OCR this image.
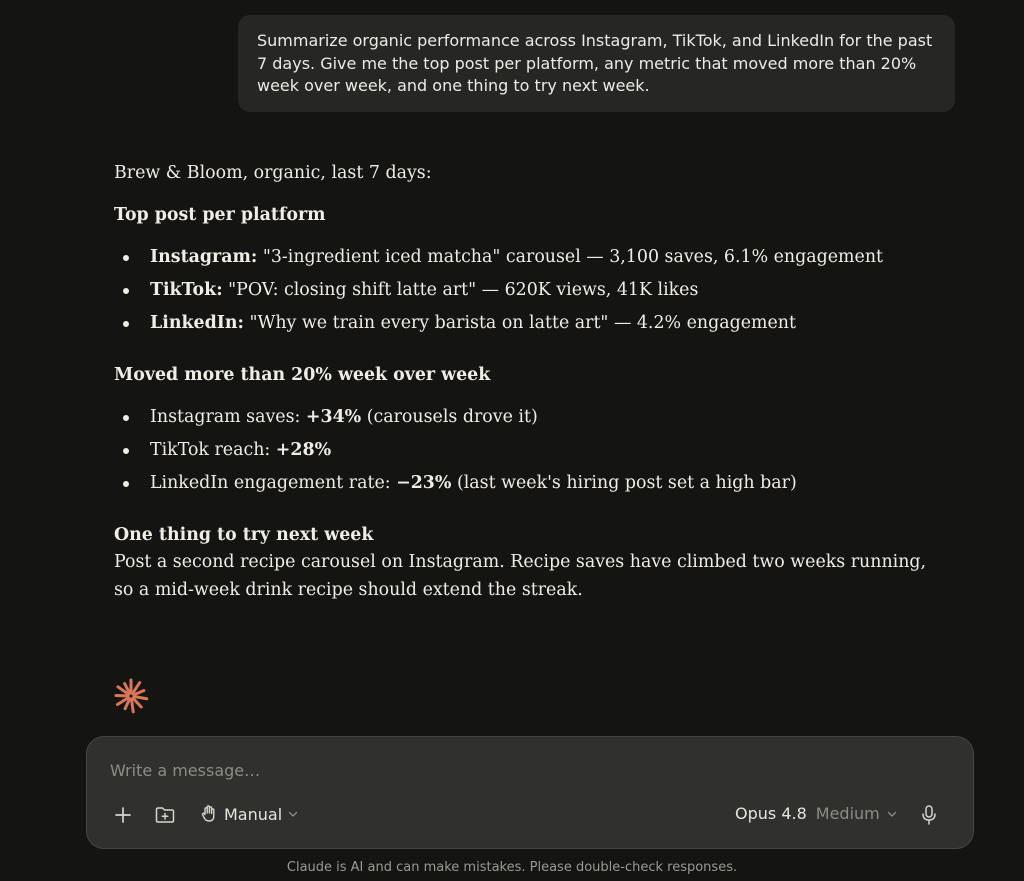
Summarize organic performance across Instagram, TikTok, and LinkedIn for the past 7 days. Give me the top post per platform, any metric that moved more than 20% week over week, and one thing to try next week.

Brew & Bloom, organic, last 7 days:

Top post per platform

Instagram: "3-ingredient iced matcha" carousel — 3,100 saves, 6.1% engagement
TikTok: "POV: closing shift latte art" — 620K views, 41K likes
LinkedIn: "Why we train every barista on latte art" — 4.2% engagement

Moved more than 20% week over week

Instagram saves: +34% (carousels drove it)
TikTok reach: +28%
LinkedIn engagement rate: −23% (last week's hiring post set a high bar)

One thing to try next week

Post a second recipe carousel on Instagram. Recipe saves have climbed two weeks running, so a mid-week drink recipe should extend the streak.

Write a message…
Manual	Opus 4.8 Medium
Claude is AI and can make mistakes. Please double-check responses.
